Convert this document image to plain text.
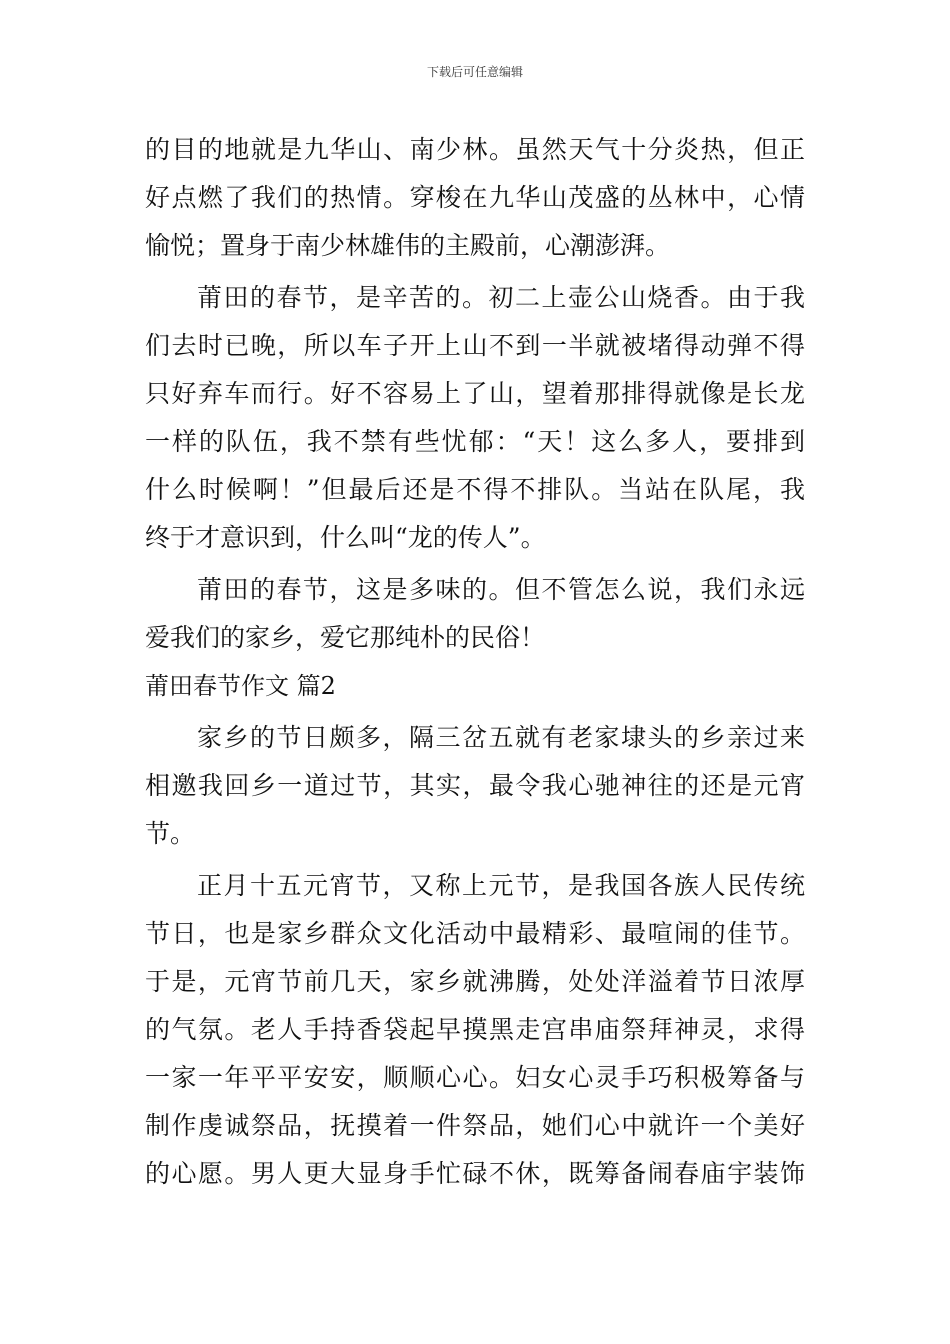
下载后可任意编辑
的目的地就是九华山、南少林。虽然天气十分炎热，但正
好点燃了我们的热情。穿梭在九华山茂盛的丛林中，心情
愉悦；置身于南少林雄伟的主殿前，心潮澎湃。
莆田的春节，是辛苦的。初二上壶公山烧香。由于我
们去时已晚，所以车子开上山不到一半就被堵得动弹不得
只好弃车而行。好不容易上了山，望着那排得就像是长龙
一样的队伍，我不禁有些忧郁：“天！这么多人，要排到
什么时候啊！”但最后还是不得不排队。当站在队尾，我
终于才意识到，什么叫“龙的传人”。
莆田的春节，这是多味的。但不管怎么说，我们永远
爱我们的家乡，爱它那纯朴的民俗！
莆田春节作文 篇2
家乡的节日颇多，隔三岔五就有老家埭头的乡亲过来
相邀我回乡一道过节，其实，最令我心驰神往的还是元宵
节。
正月十五元宵节，又称上元节，是我国各族人民传统
节日，也是家乡群众文化活动中最精彩、最喧闹的佳节。
于是，元宵节前几天，家乡就沸腾，处处洋溢着节日浓厚
的气氛。老人手持香袋起早摸黑走宫串庙祭拜神灵，求得
一家一年平平安安，顺顺心心。妇女心灵手巧积极筹备与
制作虔诚祭品，抚摸着一件祭品，她们心中就许一个美好
的心愿。男人更大显身手忙碌不休，既筹备闹春庙宇装饰
